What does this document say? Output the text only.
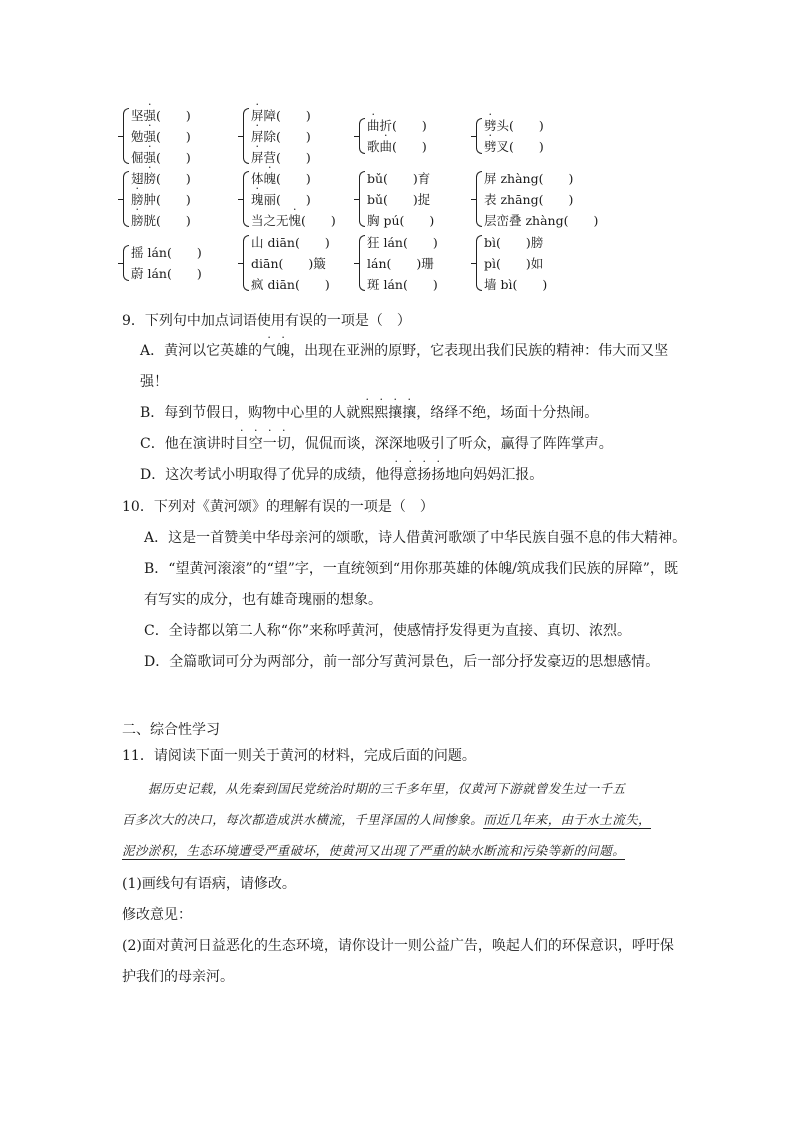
坚强(　　)
勉强(　　)
倔强(　　)
屏障(　　)
屏除(　　)
屏营(　　)
曲折(　　)
歌曲(　　)
劈头(　　)
劈叉(　　)
翅膀(　　)
膀肿(　　)
膀胱(　　)
体魄(　　)
瑰丽(　　)
当之无愧(　　)
bǔ(　　)育
bǔ(　　)捉
胸 pú(　　)
屏 zhàng(　　)
表 zhāng(　　)
层峦叠 zhàng(　　)
摇 lán(　　)
蔚 lán(　　)
山 diān(　　)
diān(　　)簸
疯 diān(　　)
狂 lán(　　)
lán(　　)珊
斑 lán(　　)
bì(　　)膀
pì(　　)如
墙 bì(　　)
9．下列句中加点词语使用有误的一项是（　）
A．黄河以它英雄的气魄，出现在亚洲的原野，它表现出我们民族的精神：伟大而又坚
强！
B．每到节假日，购物中心里的人就熙熙攘攘，络绎不绝，场面十分热闹。
C．他在演讲时目空一切，侃侃而谈，深深地吸引了听众，赢得了阵阵掌声。
D．这次考试小明取得了优异的成绩，他得意扬扬地向妈妈汇报。
10．下列对《黄河颂》的理解有误的一项是（　）
A．这是一首赞美中华母亲河的颂歌，诗人借黄河歌颂了中华民族自强不息的伟大精神。
B．“望黄河滚滚”的“望”字，一直统领到“用你那英雄的体魄/筑成我们民族的屏障”，既
有写实的成分，也有雄奇瑰丽的想象。
C．全诗都以第二人称“你”来称呼黄河，使感情抒发得更为直接、真切、浓烈。
D．全篇歌词可分为两部分，前一部分写黄河景色，后一部分抒发豪迈的思想感情。
二、综合性学习
11．请阅读下面一则关于黄河的材料，完成后面的问题。
据历史记载，从先秦到国民党统治时期的三千多年里，仅黄河下游就曾发生过一千五
百多次大的决口，每次都造成洪水横流，千里泽国的人间惨象。而近几年来，由于水土流失，
泥沙淤积，生态环境遭受严重破坏，使黄河又出现了严重的缺水断流和污染等新的问题。
(1)画线句有语病，请修改。
修改意见：
(2)面对黄河日益恶化的生态环境，请你设计一则公益广告，唤起人们的环保意识，呼吁保
护我们的母亲河。
